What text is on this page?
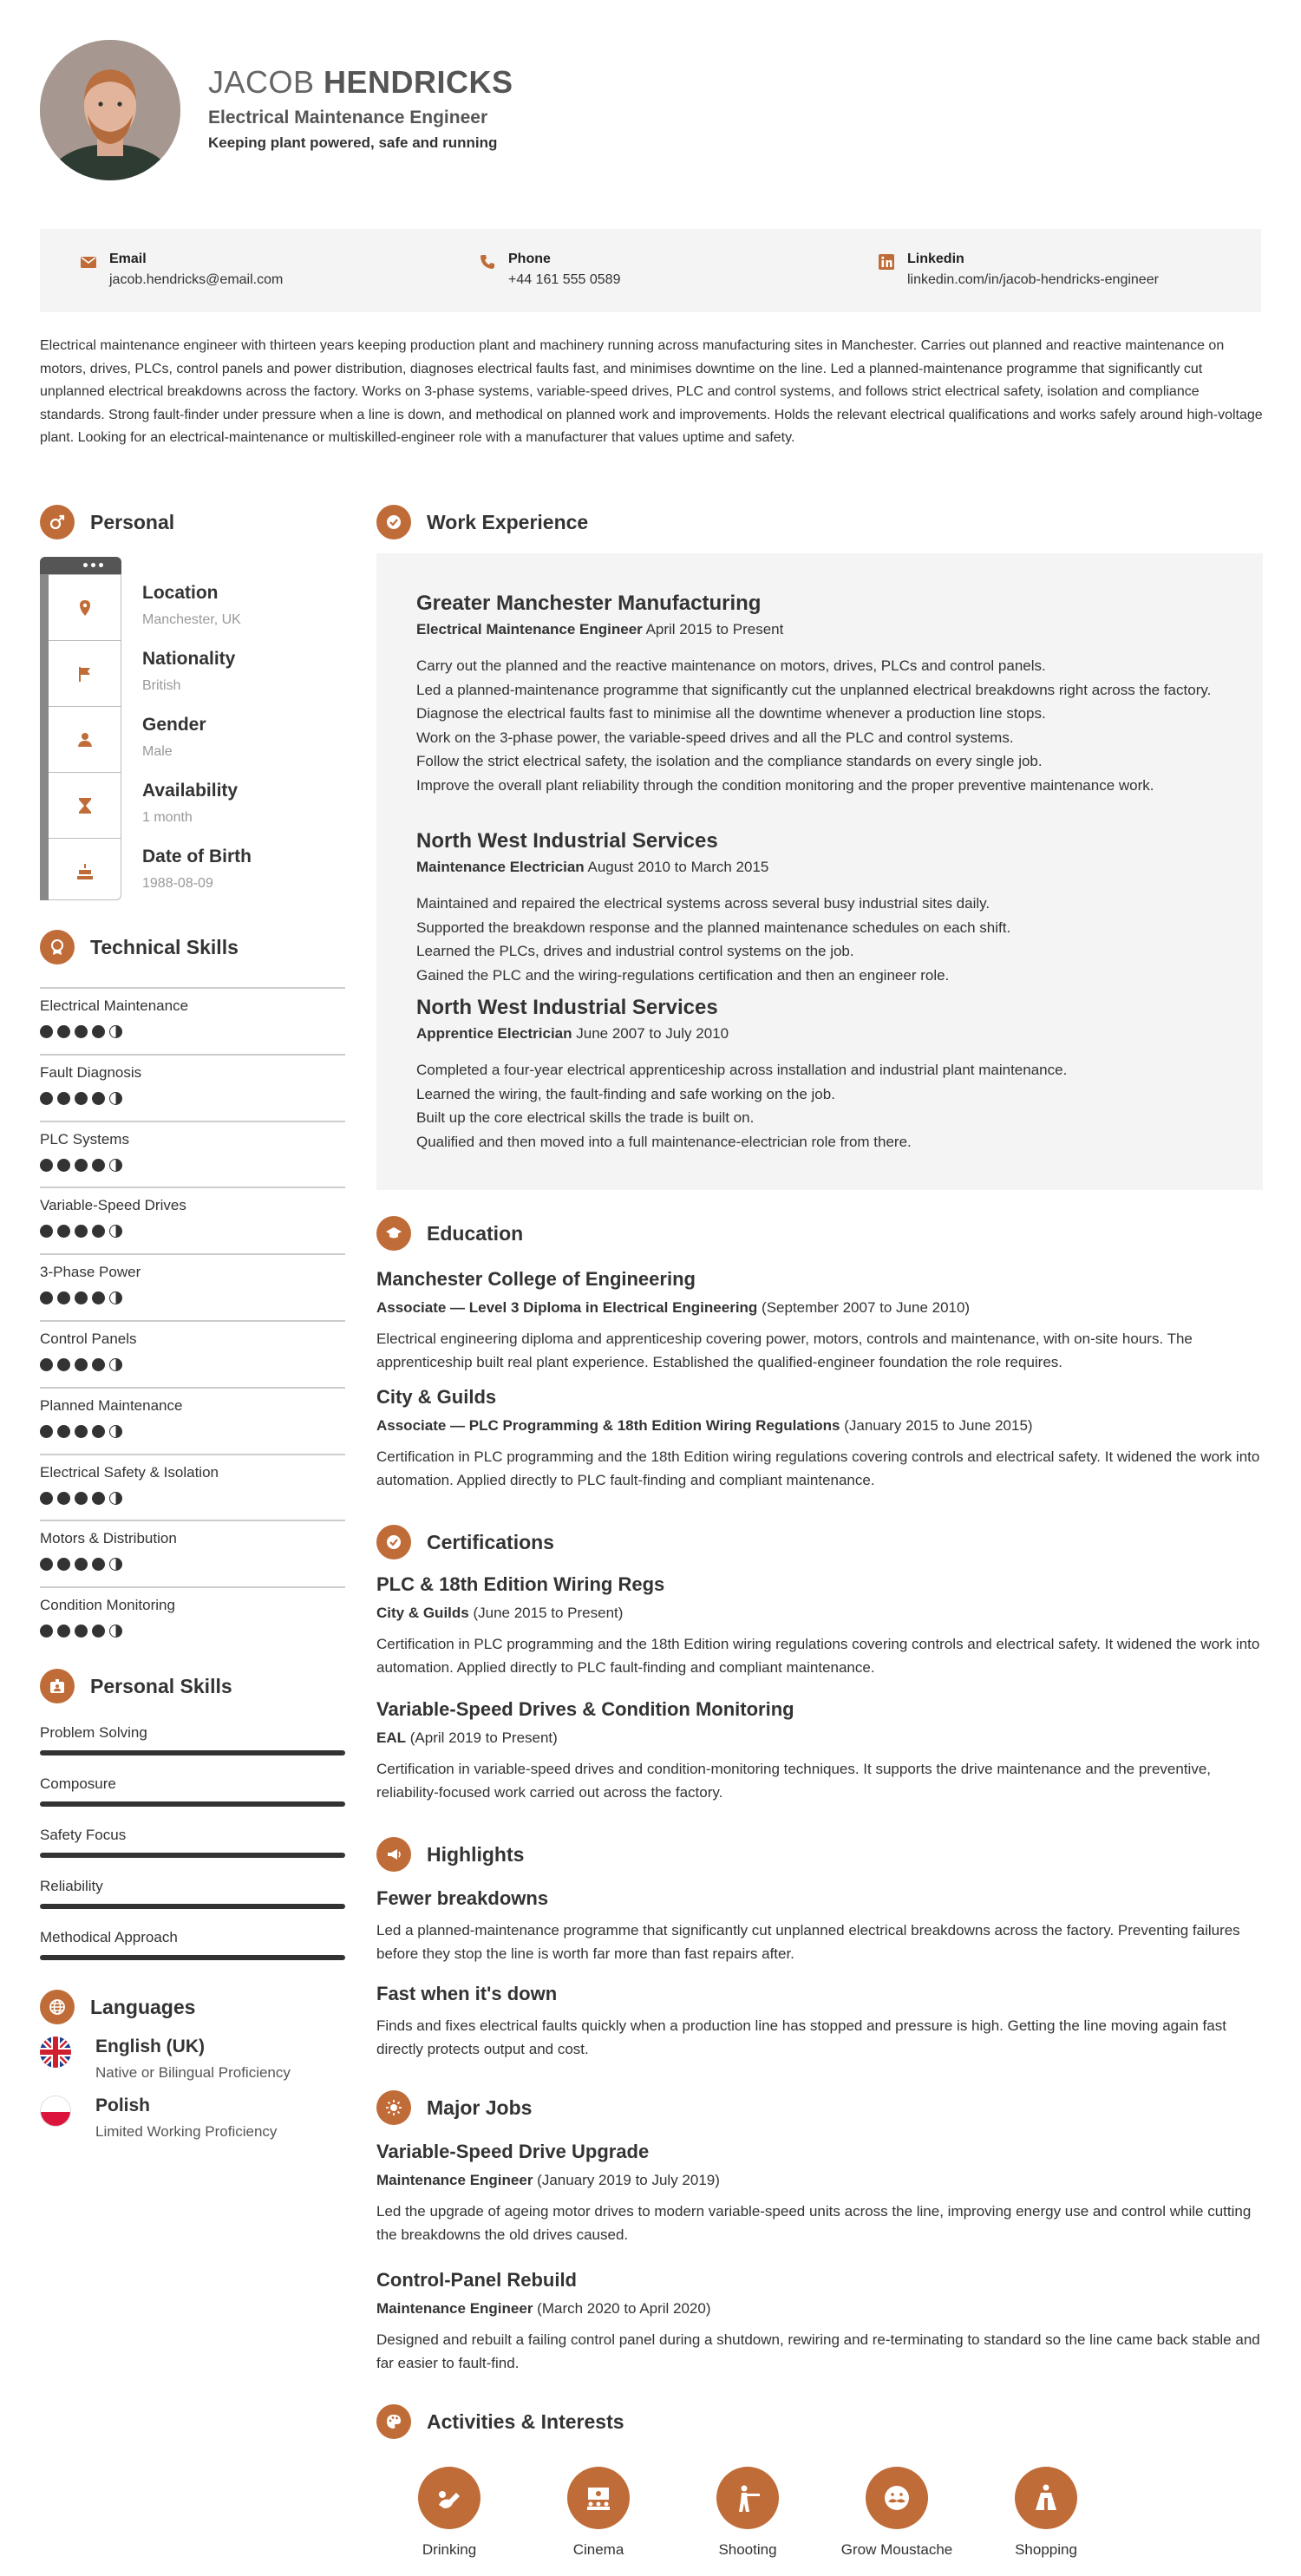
JACOB HENDRICKS
Electrical Maintenance Engineer
Keeping plant powered, safe and running
Email
jacob.hendricks@email.com
Phone
+44 161 555 0589
Linkedin
linkedin.com/in/jacob-hendricks-engineer
Electrical maintenance engineer with thirteen years keeping production plant and machinery running across manufacturing sites in Manchester. Carries out planned and reactive maintenance on motors, drives, PLCs, control panels and power distribution, diagnoses electrical faults fast, and minimises downtime on the line. Led a planned-maintenance programme that significantly cut unplanned electrical breakdowns across the factory. Works on 3-phase systems, variable-speed drives, PLC and control systems, and follows strict electrical safety, isolation and compliance standards. Strong fault-finder under pressure when a line is down, and methodical on planned work and improvements. Holds the relevant electrical qualifications and works safely around high-voltage plant. Looking for an electrical-maintenance or multiskilled-engineer role with a manufacturer that values uptime and safety.
Personal
Location
Manchester, UK
Nationality
British
Gender
Male
Availability
1 month
Date of Birth
1988-08-09
Technical Skills
Electrical Maintenance
Fault Diagnosis
PLC Systems
Variable-Speed Drives
3-Phase Power
Control Panels
Planned Maintenance
Electrical Safety & Isolation
Motors & Distribution
Condition Monitoring
Personal Skills
Problem Solving
Composure
Safety Focus
Reliability
Methodical Approach
Languages
English (UK)
Native or Bilingual Proficiency
Polish
Limited Working Proficiency
Work Experience
Greater Manchester Manufacturing
Electrical Maintenance Engineer April 2015 to Present
Carry out the planned and the reactive maintenance on motors, drives, PLCs and control panels.
Led a planned-maintenance programme that significantly cut the unplanned electrical breakdowns right across the factory.
Diagnose the electrical faults fast to minimise all the downtime whenever a production line stops.
Work on the 3-phase power, the variable-speed drives and all the PLC and control systems.
Follow the strict electrical safety, the isolation and the compliance standards on every single job.
Improve the overall plant reliability through the condition monitoring and the proper preventive maintenance work.
North West Industrial Services
Maintenance Electrician August 2010 to March 2015
Maintained and repaired the electrical systems across several busy industrial sites daily.
Supported the breakdown response and the planned maintenance schedules on each shift.
Learned the PLCs, drives and industrial control systems on the job.
Gained the PLC and the wiring-regulations certification and then an engineer role.
North West Industrial Services
Apprentice Electrician June 2007 to July 2010
Completed a four-year electrical apprenticeship across installation and industrial plant maintenance.
Learned the wiring, the fault-finding and safe working on the job.
Built up the core electrical skills the trade is built on.
Qualified and then moved into a full maintenance-electrician role from there.
Education
Manchester College of Engineering
Associate — Level 3 Diploma in Electrical Engineering (September 2007 to June 2010)
Electrical engineering diploma and apprenticeship covering power, motors, controls and maintenance, with on-site hours. The apprenticeship built real plant experience. Established the qualified-engineer foundation the role requires.
City & Guilds
Associate — PLC Programming & 18th Edition Wiring Regulations (January 2015 to June 2015)
Certification in PLC programming and the 18th Edition wiring regulations covering controls and electrical safety. It widened the work into automation. Applied directly to PLC fault-finding and compliant maintenance.
Certifications
PLC & 18th Edition Wiring Regs
City & Guilds (June 2015 to Present)
Certification in PLC programming and the 18th Edition wiring regulations covering controls and electrical safety. It widened the work into automation. Applied directly to PLC fault-finding and compliant maintenance.
Variable-Speed Drives & Condition Monitoring
EAL (April 2019 to Present)
Certification in variable-speed drives and condition-monitoring techniques. It supports the drive maintenance and the preventive, reliability-focused work carried out across the factory.
Highlights
Fewer breakdowns
Led a planned-maintenance programme that significantly cut unplanned electrical breakdowns across the factory. Preventing failures before they stop the line is worth far more than fast repairs after.
Fast when it's down
Finds and fixes electrical faults quickly when a production line has stopped and pressure is high. Getting the line moving again fast directly protects output and cost.
Major Jobs
Variable-Speed Drive Upgrade
Maintenance Engineer (January 2019 to July 2019)
Led the upgrade of ageing motor drives to modern variable-speed units across the line, improving energy use and control while cutting the breakdowns the old drives caused.
Control-Panel Rebuild
Maintenance Engineer (March 2020 to April 2020)
Designed and rebuilt a failing control panel during a shutdown, rewiring and re-terminating to standard so the line came back stable and far easier to fault-find.
Activities & Interests
Drinking	Cinema	Shooting	Grow Moustache	Shopping
